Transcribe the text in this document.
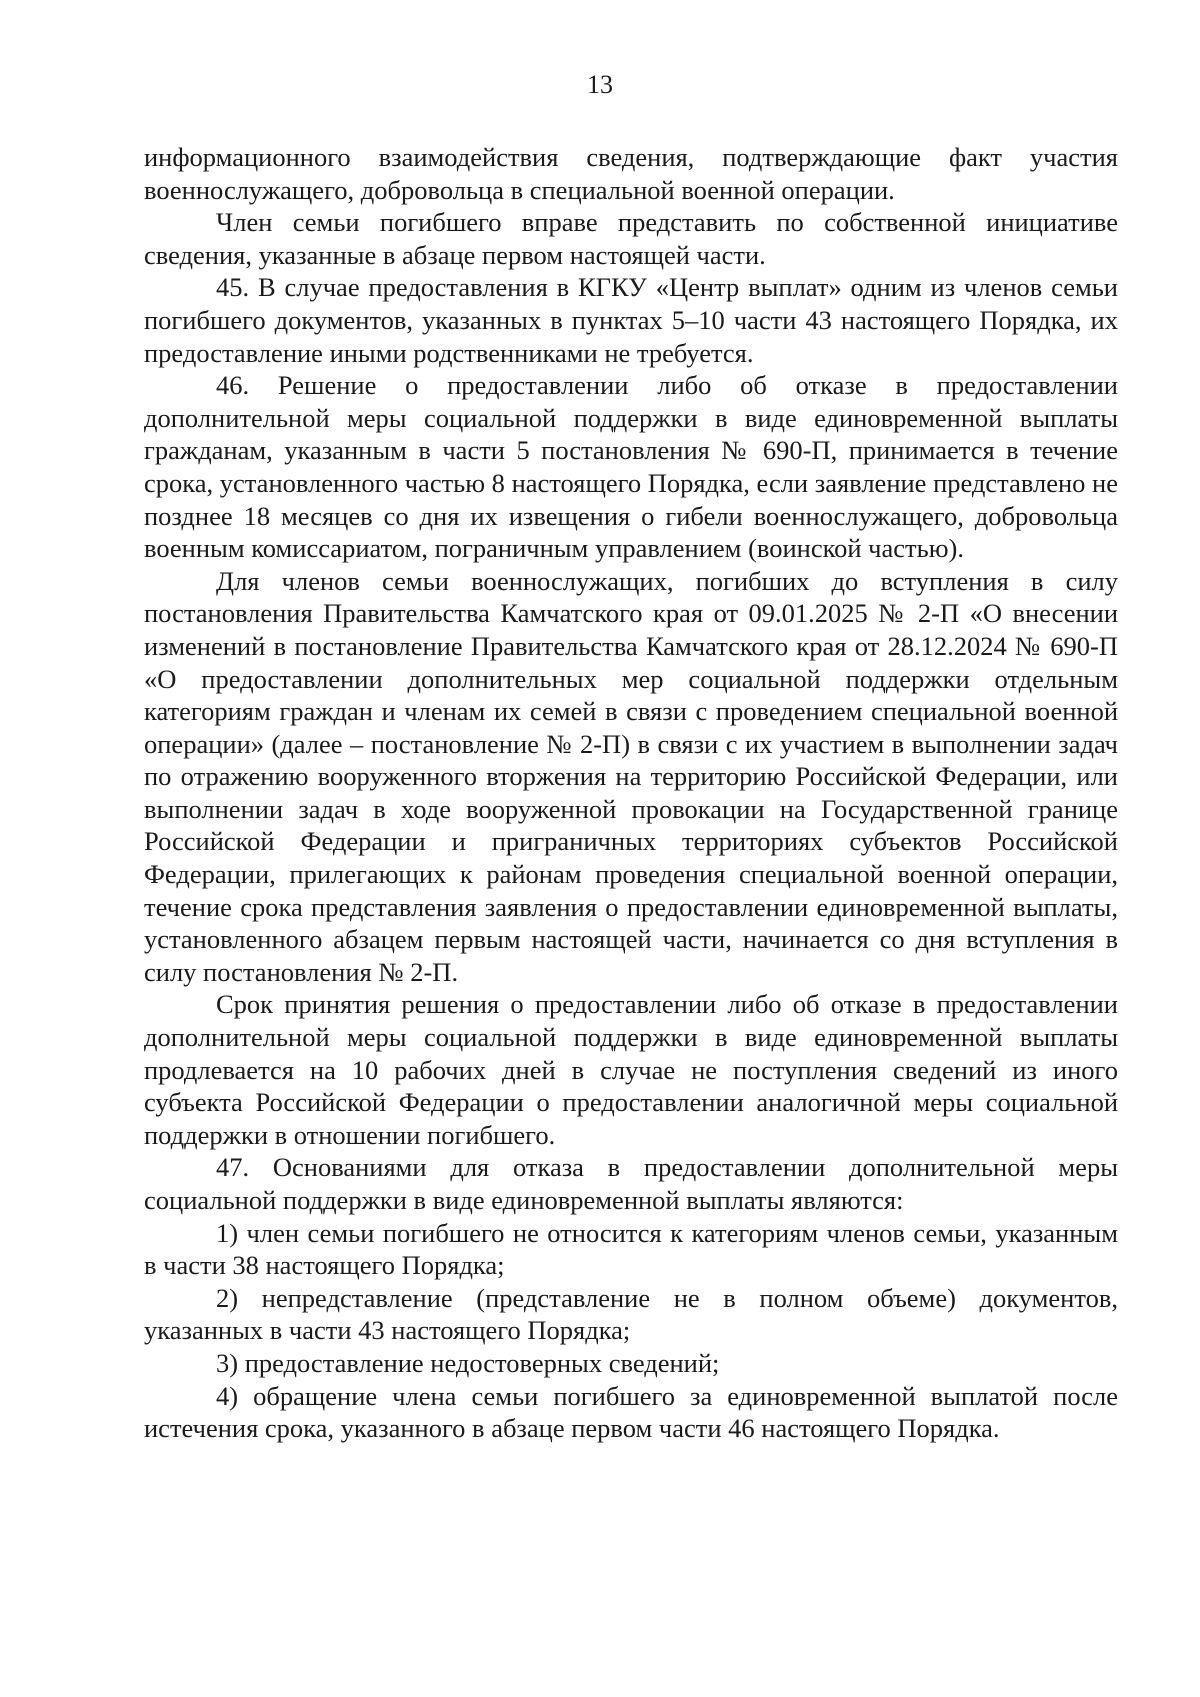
13

информационного взаимодействия сведения, подтверждающие факт участия военнослужащего, добровольца в специальной военной операции.

Член семьи погибшего вправе представить по собственной инициативе сведения, указанные в абзаце первом настоящей части.

45. В случае предоставления в КГКУ «Центр выплат» одним из членов семьи погибшего документов, указанных в пунктах 5–10 части 43 настоящего Порядка, их предоставление иными родственниками не требуется.

46. Решение о предоставлении либо об отказе в предоставлении дополнительной меры социальной поддержки в виде единовременной выплаты гражданам, указанным в части 5 постановления № 690-П, принимается в течение срока, установленного частью 8 настоящего Порядка, если заявление представлено не позднее 18 месяцев со дня их извещения о гибели военнослужащего, добровольца военным комиссариатом, пограничным управлением (воинской частью).

Для членов семьи военнослужащих, погибших до вступления в силу постановления Правительства Камчатского края от 09.01.2025 № 2-П «О внесении изменений в постановление Правительства Камчатского края от 28.12.2024 № 690-П «О предоставлении дополнительных мер социальной поддержки отдельным категориям граждан и членам их семей в связи с проведением специальной военной операции» (далее – постановление № 2-П) в связи с их участием в выполнении задач по отражению вооруженного вторжения на территорию Российской Федерации, или выполнении задач в ходе вооруженной провокации на Государственной границе Российской Федерации и приграничных территориях субъектов Российской Федерации, прилегающих к районам проведения специальной военной операции, течение срока представления заявления о предоставлении единовременной выплаты, установленного абзацем первым настоящей части, начинается со дня вступления в силу постановления № 2-П.

Срок принятия решения о предоставлении либо об отказе в предоставлении дополнительной меры социальной поддержки в виде единовременной выплаты продлевается на 10 рабочих дней в случае не поступления сведений из иного субъекта Российской Федерации о предоставлении аналогичной меры социальной поддержки в отношении погибшего.

47. Основаниями для отказа в предоставлении дополнительной меры социальной поддержки в виде единовременной выплаты являются:

1) член семьи погибшего не относится к категориям членов семьи, указанным в части 38 настоящего Порядка;

2) непредставление (представление не в полном объеме) документов, указанных в части 43 настоящего Порядка;

3) предоставление недостоверных сведений;

4) обращение члена семьи погибшего за единовременной выплатой после истечения срока, указанного в абзаце первом части 46 настоящего Порядка.
